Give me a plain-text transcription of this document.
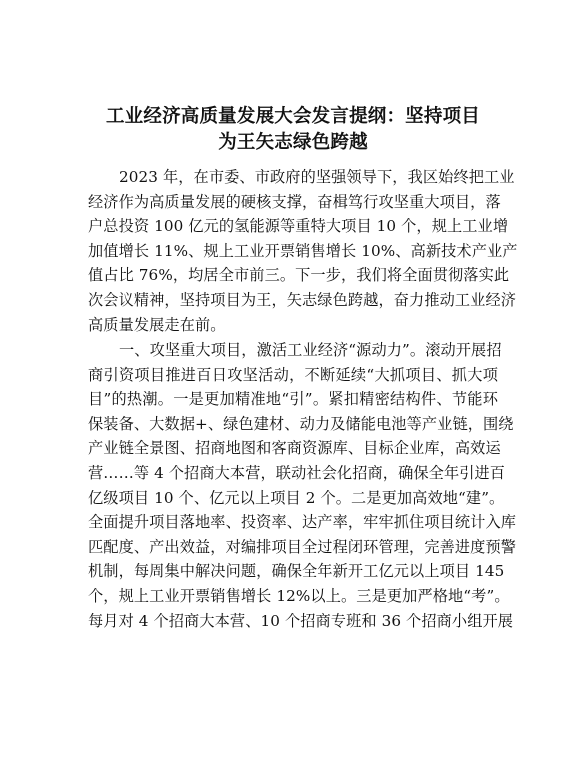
工业经济高质量发展大会发言提纲：坚持项目
为王矢志绿色跨越

2023 年，在市委、市政府的坚强领导下，我区始终把工业
经济作为高质量发展的硬核支撑，奋楫笃行攻坚重大项目，落
户总投资 100 亿元的氢能源等重特大项目 10 个，规上工业增
加值增长 11%、规上工业开票销售增长 10%、高新技术产业产
值占比 76%，均居全市前三。下一步，我们将全面贯彻落实此
次会议精神，坚持项目为王，矢志绿色跨越，奋力推动工业经济
高质量发展走在前。

一、攻坚重大项目，激活工业经济“源动力”。滚动开展招
商引资项目推进百日攻坚活动，不断延续“大抓项目、抓大项
目”的热潮。一是更加精准地“引”。紧扣精密结构件、节能环
保装备、大数据+、绿色建材、动力及储能电池等产业链，围绕
产业链全景图、招商地图和客商资源库、目标企业库，高效运
营……等 4 个招商大本营，联动社会化招商，确保全年引进百
亿级项目 10 个、亿元以上项目 2 个。二是更加高效地“建”。
全面提升项目落地率、投资率、达产率，牢牢抓住项目统计入库
匹配度、产出效益，对编排项目全过程闭环管理，完善进度预警
机制，每周集中解决问题，确保全年新开工亿元以上项目 145
个，规上工业开票销售增长 12%以上。三是更加严格地“考”。
每月对 4 个招商大本营、10 个招商专班和 36 个招商小组开展
